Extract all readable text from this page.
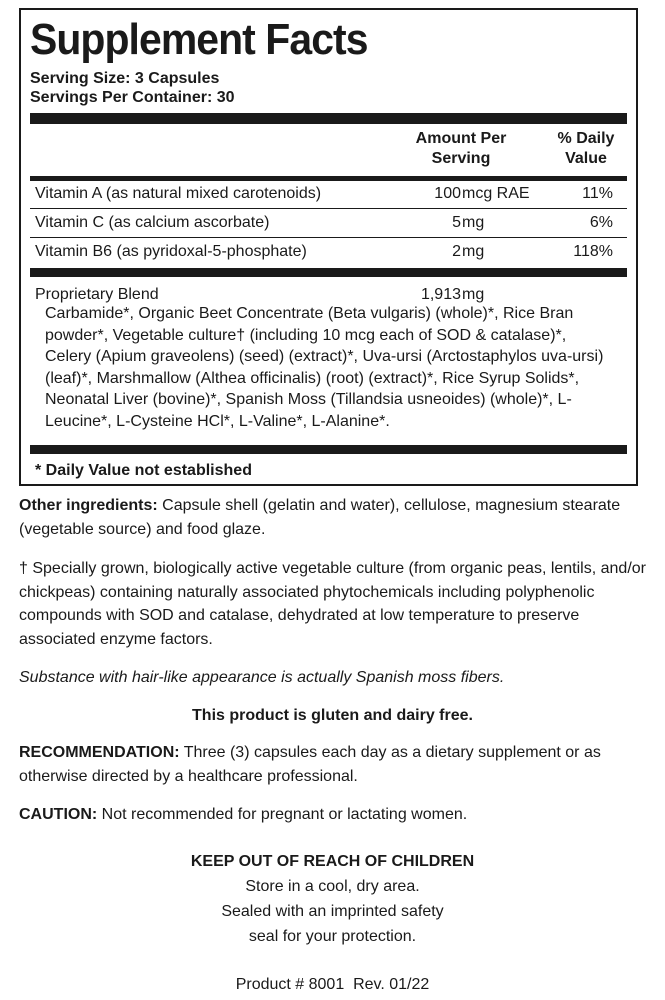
Supplement Facts
Serving Size: 3 Capsules
Servings Per Container: 30
Amount Per
Serving
% Daily
Value
Vitamin A (as natural mixed carotenoids)	100 mcg RAE	11%
Vitamin C (as calcium ascorbate)	5 mg	6%
Vitamin B6 (as pyridoxal-5-phosphate)	2 mg	118%
Proprietary Blend	1,913 mg
Carbamide*, Organic Beet Concentrate (Beta vulgaris) (whole)*, Rice Bran powder*, Vegetable culture† (including 10 mcg each of SOD & catalase)*, Celery (Apium graveolens) (seed) (extract)*, Uva-ursi (Arctostaphylos uva-ursi) (leaf)*, Marshmallow (Althea officinalis) (root) (extract)*, Rice Syrup Solids*, Neonatal Liver (bovine)*, Spanish Moss (Tillandsia usneoides) (whole)*, L-Leucine*, L-Cysteine HCl*, L-Valine*, L-Alanine*.
* Daily Value not established

Other ingredients: Capsule shell (gelatin and water), cellulose, magnesium stearate (vegetable source) and food glaze.

† Specially grown, biologically active vegetable culture (from organic peas, lentils, and/or chickpeas) containing naturally associated phytochemicals including polyphenolic compounds with SOD and catalase, dehydrated at low temperature to preserve associated enzyme factors.

Substance with hair-like appearance is actually Spanish moss fibers.

This product is gluten and dairy free.

RECOMMENDATION: Three (3) capsules each day as a dietary supplement or as otherwise directed by a healthcare professional.

CAUTION: Not recommended for pregnant or lactating women.

KEEP OUT OF REACH OF CHILDREN
Store in a cool, dry area.
Sealed with an imprinted safety
seal for your protection.
Product # 8001  Rev. 01/22
